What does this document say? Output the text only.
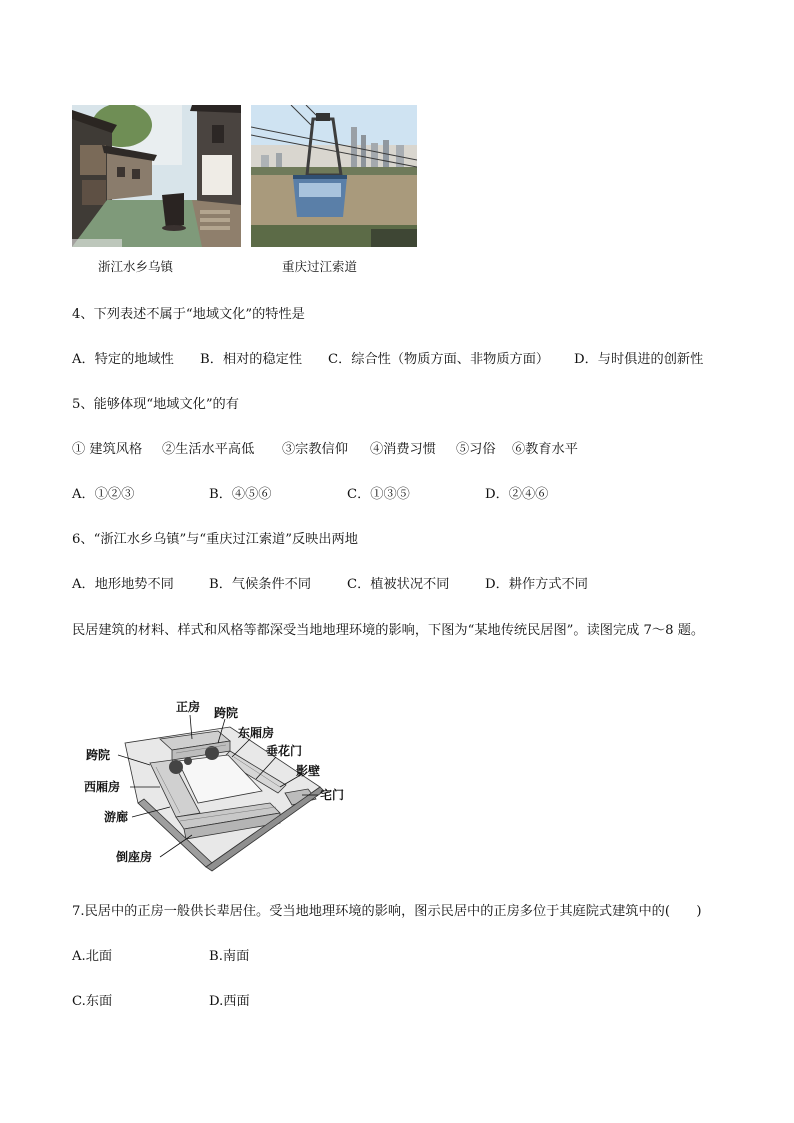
浙江水乡乌镇	重庆过江索道
4、下列表述不属于“地域文化”的特性是
A．特定的地域性 B．相对的稳定性 C．综合性（物质方面、非物质方面） D．与时俱进的创新性
5、能够体现“地域文化”的有
① 建筑风格 ②生活水平高低 ③宗教信仰 ④消费习惯 ⑤习俗 ⑥教育水平
A．①②③	B．④⑤⑥	C．①③⑤	D．②④⑥
6、“浙江水乡乌镇”与“重庆过江索道”反映出两地
A．地形地势不同	B．气候条件不同	C．植被状况不同	D．耕作方式不同
民居建筑的材料、样式和风格等都深受当地地理环境的影响，下图为“某地传统民居图”。读图完成 7～8 题。
正房 跨院
东厢房
垂花门
影壁
宅门
跨院
西厢房
游廊
倒座房
7.民居中的正房一般供长辈居住。受当地地理环境的影响，图示民居中的正房多位于其庭院式建筑中的(　　)
A.北面	B.南面
C.东面	D.西面
